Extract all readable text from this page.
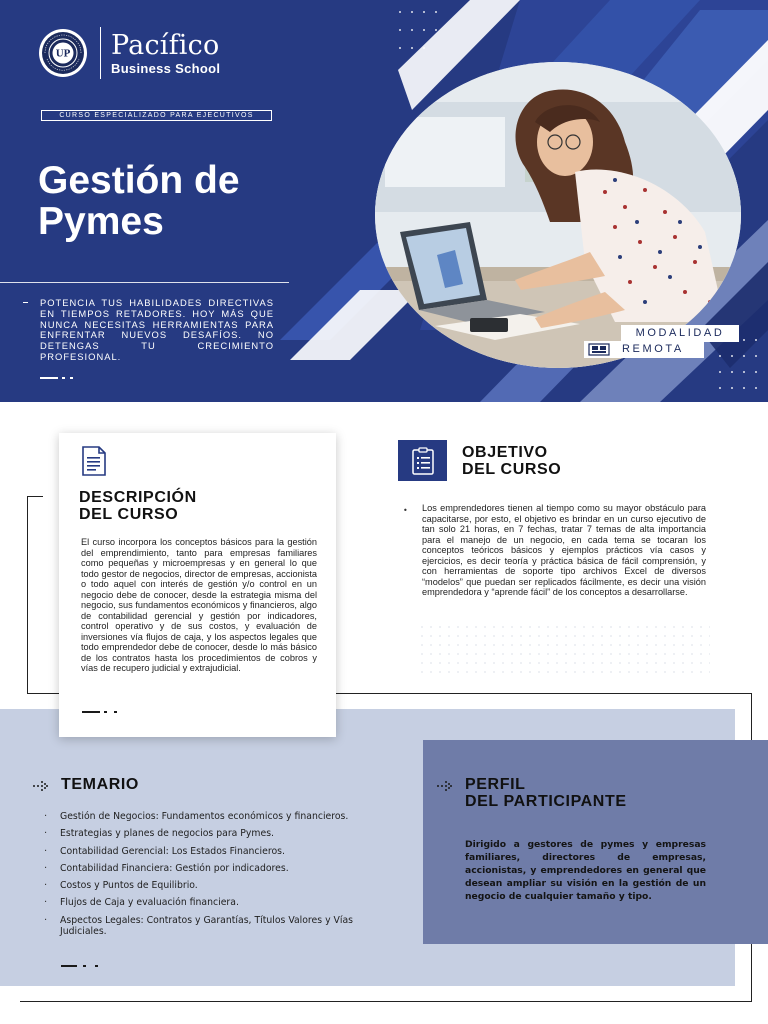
UP Pacífico
Business School
CURSO ESPECIALIZADO PARA EJECUTIVOS
Gestión de
Pymes
POTENCIA TUS HABILIDADES DIRECTIVAS EN TIEMPOS RETADORES. HOY MÁS QUE NUNCA NECESITAS HERRAMIENTAS PARA ENFRENTAR NUEVOS DESAFÍOS. NO DETENGAS TU CRECIMIENTO PROFESIONAL.
MODALIDAD
REMOTA
DESCRIPCIÓN
DEL CURSO
El curso incorpora los conceptos básicos para la gestión del emprendimiento, tanto para empresas familiares como pequeñas y microempresas y en general lo que todo gestor de negocios, director de empresas, accionista o todo aquel con interés de gestión y/o control en un negocio debe de conocer, desde la estrategia misma del negocio, sus fundamentos económicos y financieros, algo de contabilidad gerencial y gestión por indicadores, control operativo y de sus costos, y evaluación de inversiones vía flujos de caja, y los aspectos legales que todo emprendedor debe de conocer, desde lo más básico de los contratos hasta los procedimientos de cobros y vías de recupero judicial y extrajudicial.
OBJETIVO
DEL CURSO
• Los emprendedores tienen al tiempo como su mayor obstáculo para capacitarse, por esto, el objetivo es brindar en un curso ejecutivo de tan solo 21 horas, en 7 fechas, tratar 7 temas de alta importancia para el manejo de un negocio, en cada tema se tocaran los conceptos teóricos básicos y ejemplos prácticos vía casos y ejercicios, es decir teoría y práctica básica de fácil comprensión, y con herramientas de soporte tipo archivos Excel de diversos “modelos” que puedan ser replicados fácilmente, es decir una visión emprendedora y “aprende fácil” de los conceptos a desarrollarse.
TEMARIO
· Gestión de Negocios: Fundamentos económicos y financieros.
· Estrategias y planes de negocios para Pymes.
· Contabilidad Gerencial: Los Estados Financieros.
· Contabilidad Financiera: Gestión por indicadores.
· Costos y Puntos de Equilibrio.
· Flujos de Caja y evaluación financiera.
· Aspectos Legales: Contratos y Garantías, Títulos Valores y Vías Judiciales.
PERFIL
DEL PARTICIPANTE
Dirigido a gestores de pymes y empresas familiares, directores de empresas, accionistas, y emprendedores en general que desean ampliar su visión en la gestión de un negocio de cualquier tamaño y tipo.
